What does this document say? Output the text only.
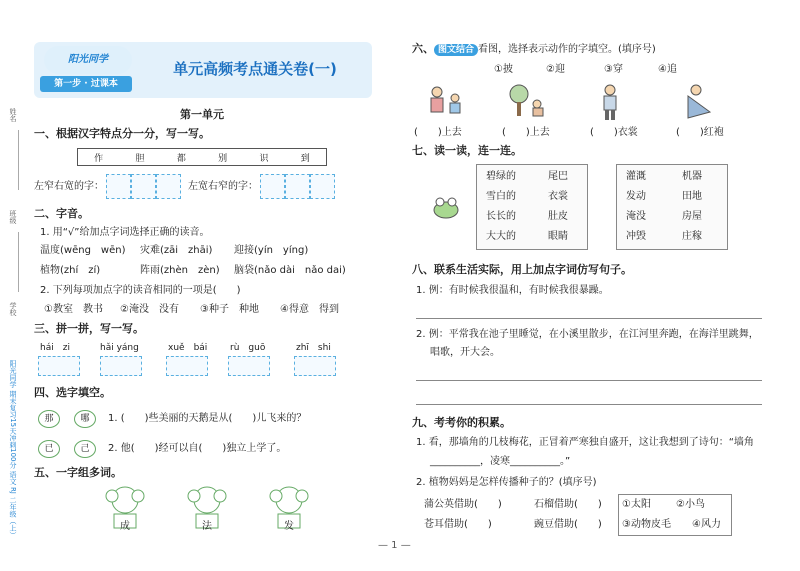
姓名
班级
学校
阳光同学 期末复习15天冲刺100分 语文 RJ 二年级（上）
阳光同学
第一步 · 过课本
单元高频考点通关卷(一)
第一单元
一、根据汉字特点分一分，写一写。
作	胆	都	别	识	到
左窄右宽的字：	左宽右窄的字：
二、字音。
1. 用“√”给加点字词选择正确的读音。
温度(wēng　wēn) 灾难(zāi　zhāi) 迎接(yín　yíng)
植物(zhí　zí)	阵雨(zhèn　zèn) 脑袋(nǎo dài　nǎo dai)
2. 下列每项加点字的读音相同的一项是(　　)
①教室　教书 ②淹没　没有 ③种子　种地 ④得意　得到
三、拼一拼，写一写。
hái　zi	hǎi yáng	xuě　bái	rù　guō	zhī　shi
四、选字填空。
那	哪	1. (　　)些美丽的天鹅是从(　　)儿飞来的？
已	己	2. 他(　　)经可以自(　　)独立上学了。
五、一字组多词。
成	法	发
六、 图文结合 看图，选择表示动作的字填空。(填序号)
①披	②迎	③穿	④追
(　　)上去	(　　)上去	(　　)衣裳	(　　)红袍
七、读一读，连一连。
碧绿的	尾巴
雪白的	衣裳
长长的	肚皮
大大的	眼睛
灌溉	机器
发动	田地
淹没	房屋
冲毁	庄稼
八、联系生活实际，用上加点字词仿写句子。
1. 例：有时候我很温和，有时候我很暴躁。
2. 例：平常我在池子里睡觉，在小溪里散步，在江河里奔跑，在海洋里跳舞，
唱歌，开大会。
九、考考你的积累。
1. 看，那墙角的几枝梅花，正冒着严寒独自盛开，这让我想到了诗句：“墙角
__________，凌寒__________。”
2. 植物妈妈是怎样传播种子的？(填序号)
蒲公英借助(　　)	石榴借助(　　)
苍耳借助(　　)	豌豆借助(　　)
①太阳	②小鸟
③动物皮毛 ④风力
— 1 —
